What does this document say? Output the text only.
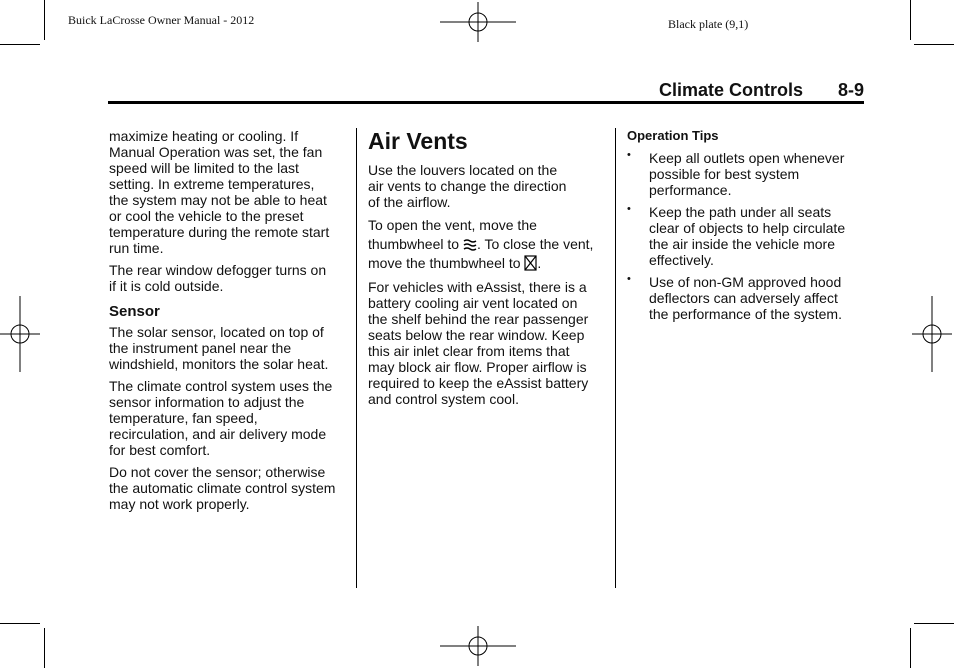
Buick LaCrosse Owner Manual - 2012	Black plate (9,1)
Climate Controls 8-9

maximize heating or cooling. If
Manual Operation was set, the fan
speed will be limited to the last
setting. In extreme temperatures,
the system may not be able to heat
or cool the vehicle to the preset
temperature during the remote start
run time.

The rear window defogger turns on
if it is cold outside.

Sensor

The solar sensor, located on top of
the instrument panel near the
windshield, monitors the solar heat.

The climate control system uses the
sensor information to adjust the
temperature, fan speed,
recirculation, and air delivery mode
for best comfort.

Do not cover the sensor; otherwise
the automatic climate control system
may not work properly.

Air Vents

Use the louvers located on the
air vents to change the direction
of the airflow.

To open the vent, move the
thumbwheel to . To close the vent,
move the thumbwheel to .

For vehicles with eAssist, there is a
battery cooling air vent located on
the shelf behind the rear passenger
seats below the rear window. Keep
this air inlet clear from items that
may block air flow. Proper airflow is
required to keep the eAssist battery
and control system cool.

Operation Tips
• Keep all outlets open whenever
possible for best system
performance.
• Keep the path under all seats
clear of objects to help circulate
the air inside the vehicle more
effectively.
• Use of non-GM approved hood
deflectors can adversely affect
the performance of the system.
